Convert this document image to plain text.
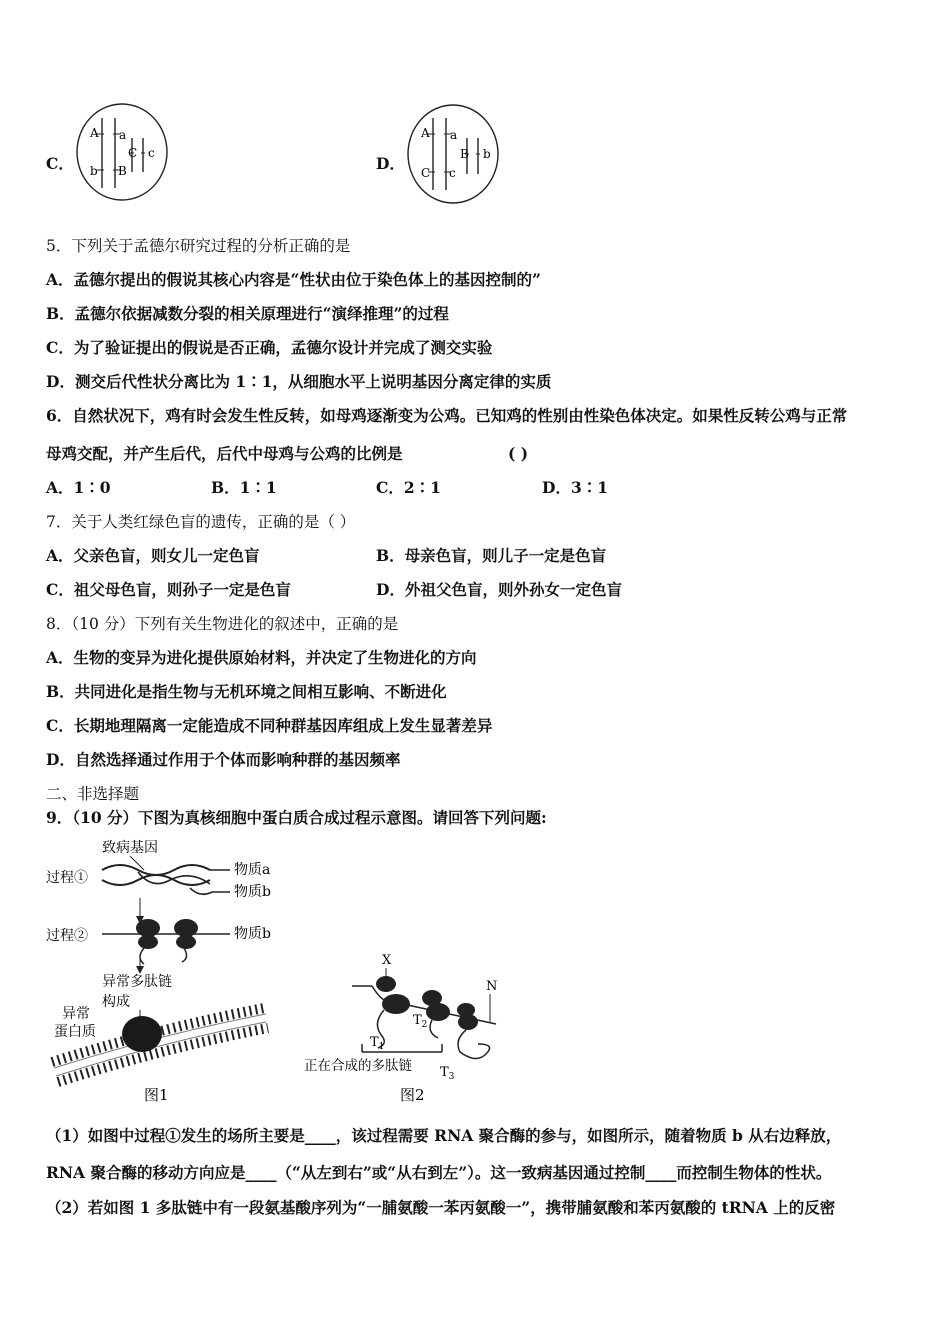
C．
A a
C c
b B	D．
A a
B b
C c
5．下列关于孟德尔研究过程的分析正确的是
A．孟德尔提出的假说其核心内容是“性状由位于染色体上的基因控制的”
B．孟德尔依据减数分裂的相关原理进行“演绎推理”的过程
C．为了验证提出的假说是否正确，孟德尔设计并完成了测交实验
D．测交后代性状分离比为 1∶1，从细胞水平上说明基因分离定律的实质
6．自然状况下，鸡有时会发生性反转，如母鸡逐渐变为公鸡。已知鸡的性别由性染色体决定。如果性反转公鸡与正常
母鸡交配，并产生后代，后代中母鸡与公鸡的比例是	( )
A．1∶0	B．1∶1	C．2∶1	D．3∶1
7．关于人类红绿色盲的遗传，正确的是（ ）
A．父亲色盲，则女儿一定色盲	B．母亲色盲，则儿子一定是色盲
C．祖父母色盲，则孙子一定是色盲	D．外祖父色盲，则外孙女一定色盲
8．（10 分）下列有关生物进化的叙述中，正确的是
A．生物的变异为进化提供原始材料，并决定了生物进化的方向
B．共同进化是指生物与无机环境之间相互影响、不断进化
C．长期地理隔离一定能造成不同种群基因库组成上发生显著差异
D．自然选择通过作用于个体而影响种群的基因频率
二、非选择题
9．（10 分）下图为真核细胞中蛋白质合成过程示意图。请回答下列问题:
致病基因
过程①	物质a
物质b
过程②	物质b
异常多肽链
构成
异常
蛋白质
图1
X
N
$T_1$
$T_2$
$T_3$
正在合成的多肽链
图2
（1）如图中过程①发生的场所主要是____，该过程需要 RNA 聚合酶的参与，如图所示，随着物质 b 从右边释放，
RNA 聚合酶的移动方向应是____（“从左到右”或“从右到左”）。这一致病基因通过控制____而控制生物体的性状。
（2）若如图 1 多肽链中有一段氨基酸序列为“一脯氨酸一苯丙氨酸一”，携带脯氨酸和苯丙氨酸的 tRNA 上的反密
